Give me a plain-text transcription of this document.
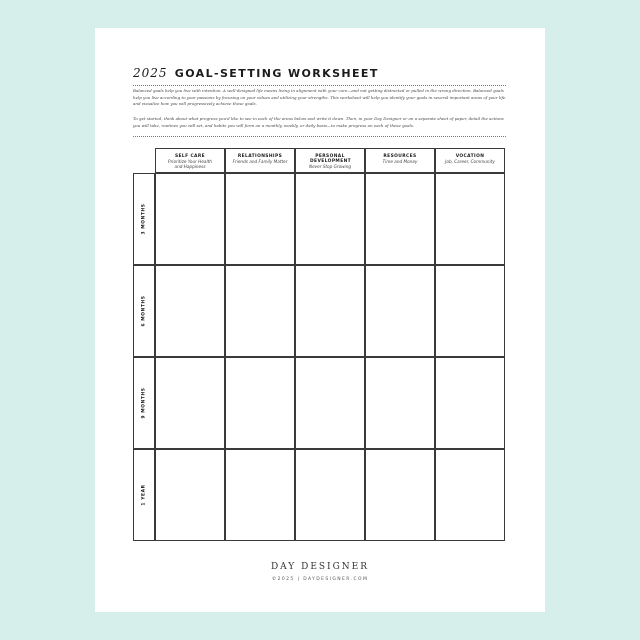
2025 GOAL-SETTING WORKSHEET

Balanced goals help you live with intention. A well-designed life means living in alignment with your core—and not getting distracted or pulled in the wrong direction. Balanced goals help you live according to your passions by focusing on your values and utilizing your strengths. This worksheet will help you identify your goals in several important areas of your life and visualize how you will progressively achieve these goals.

To get started, think about what progress you'd like to see in each of the areas below and write it down. Then, in your Day Designer or on a separate sheet of paper, detail the actions you will take, routines you will set, and habits you will form on a monthly, weekly, or daily basis—to make progress on each of these goals.

SELF CARE
Prioritize Your Health and Happiness
RELATIONSHIPS
Friends and Family Matter
PERSONAL DEVELOPMENT
Never Stop Growing
RESOURCES
Time and Money
VOCATION
Job, Career, Community
3 MONTHS
6 MONTHS
9 MONTHS
1 YEAR
DAY DESIGNER
©2025 | DAYDESIGNER.COM
